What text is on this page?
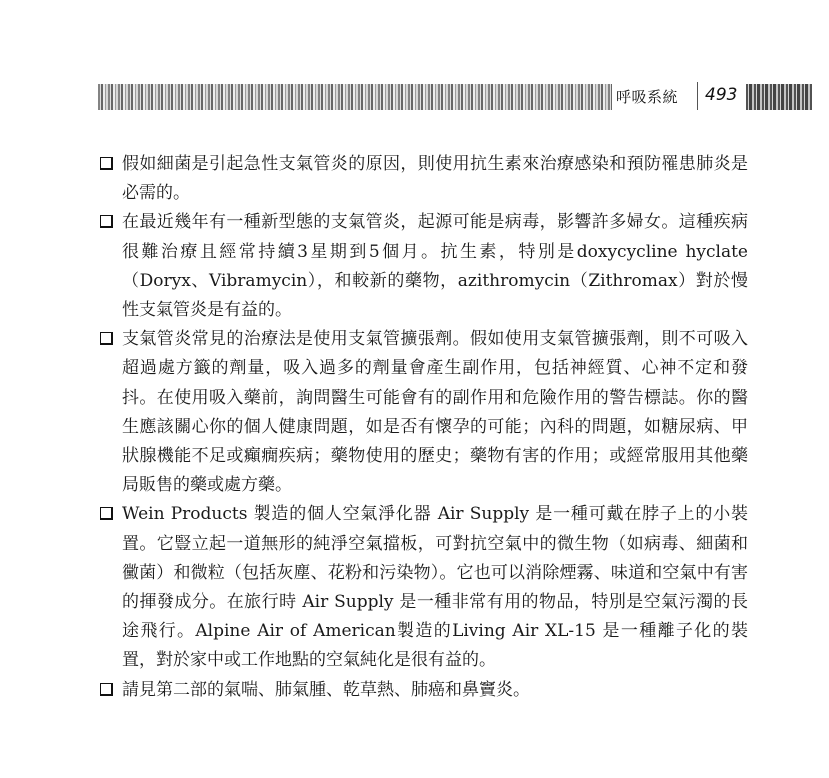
呼吸系統 493
假如細菌是引起急性支氣管炎的原因，則使用抗生素來治療感染和預防罹患肺炎是必需的。
在最近幾年有一種新型態的支氣管炎，起源可能是病毒，影響許多婦女。這種疾病很難治療且經常持續3星期到5個月。抗生素，特別是doxycycline hyclate（Doryx、Vibramycin），和較新的藥物，azithromycin（Zithromax）對於慢性支氣管炎是有益的。
支氣管炎常見的治療法是使用支氣管擴張劑。假如使用支氣管擴張劑，則不可吸入超過處方籤的劑量，吸入過多的劑量會產生副作用，包括神經質、心神不定和發抖。在使用吸入藥前，詢問醫生可能會有的副作用和危險作用的警告標誌。你的醫生應該關心你的個人健康問題，如是否有懷孕的可能；內科的問題，如糖尿病、甲狀腺機能不足或癲癇疾病；藥物使用的歷史；藥物有害的作用；或經常服用其他藥局販售的藥或處方藥。
Wein Products 製造的個人空氣淨化器 Air Supply 是一種可戴在脖子上的小裝置。它豎立起一道無形的純淨空氣擋板，可對抗空氣中的微生物（如病毒、細菌和黴菌）和微粒（包括灰塵、花粉和污染物）。它也可以消除煙霧、味道和空氣中有害的揮發成分。在旅行時 Air Supply 是一種非常有用的物品，特別是空氣污濁的長途飛行。Alpine Air of American製造的Living Air XL-15 是一種離子化的裝置，對於家中或工作地點的空氣純化是很有益的。
請見第二部的氣喘、肺氣腫、乾草熱、肺癌和鼻竇炎。
